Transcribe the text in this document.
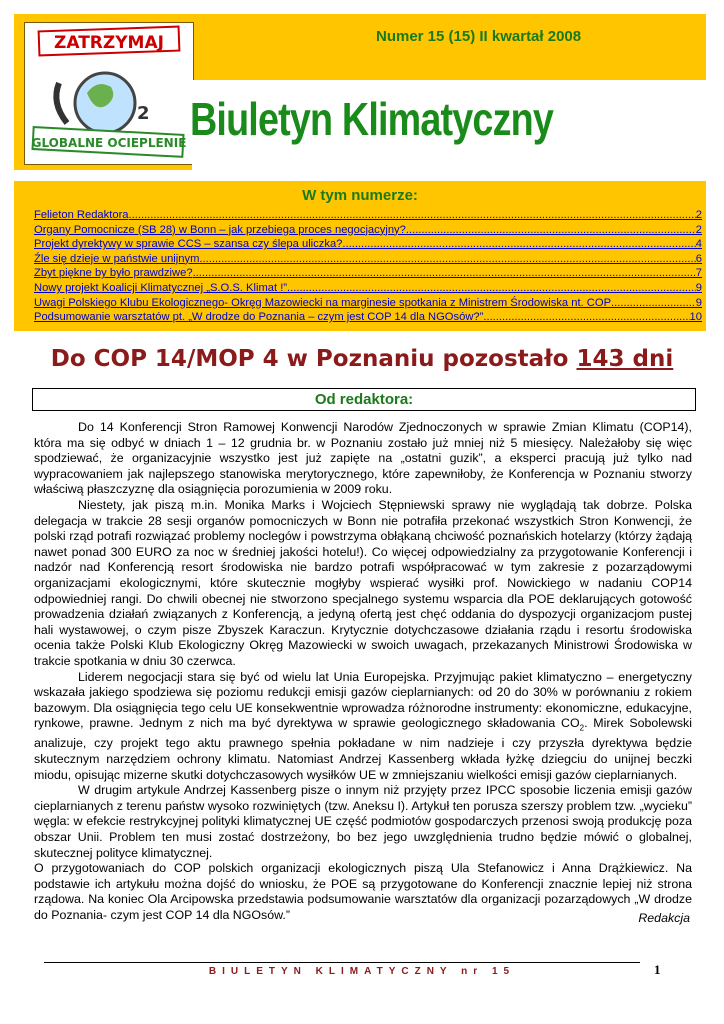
ZATRZYMAJ
2
GLOBALNE OCIEPLENIE
Numer 15 (15) II kwartał 2008
Biuletyn Klimatyczny
W tym numerze:
Felieton Redaktora .....	2
Organy Pomocnicze (SB 28) w Bonn – jak przebiega proces negocjacyjny? .....	2
Projekt dyrektywy w sprawie CCS – szansa czy ślepa uliczka? .....	4
Źle się dzieje w państwie unijnym .....	6
Zbyt piękne by było prawdziwe? .....	7
Nowy projekt Koalicji Klimatycznej „S.O.S. Klimat !” .....	9
Uwagi Polskiego Klubu Ekologicznego- Okręg Mazowiecki na marginesie spotkania z Ministrem Środowiska nt. COP .....	9
Podsumowanie warsztatów pt. „W drodze do Poznania – czym jest COP 14 dla NGOsów?” .....	10
Do COP 14/MOP 4 w Poznaniu pozostało 143 dni
Od redaktora:

Do 14 Konferencji Stron Ramowej Konwencji Narodów Zjednoczonych w sprawie Zmian Klimatu (COP14), która ma się odbyć w dniach 1 – 12 grudnia br. w Poznaniu zostało już mniej niż 5 miesięcy. Należałoby się więc spodziewać, że organizacyjnie wszystko jest już zapięte na „ostatni guzik”, a eksperci pracują już tylko nad wypracowaniem jak najlepszego stanowiska merytorycznego, które zapewniłoby, że Konferencja w Poznaniu stworzy właściwą płaszczyznę dla osiągnięcia porozumienia w 2009 roku.

Niestety, jak piszą m.in. Monika Marks i Wojciech Stępniewski sprawy nie wyglądają tak dobrze. Polska delegacja w trakcie 28 sesji organów pomocniczych w Bonn nie potrafiła przekonać wszystkich Stron Konwencji, że polski rząd potrafi rozwiązać problemy noclegów i powstrzyma obłąkaną chciwość poznańskich hotelarzy (którzy żądają nawet ponad 300 EURO za noc w średniej jakości hotelu!). Co więcej odpowiedzialny za przygotowanie Konferencji i nadzór nad Konferencją resort środowiska nie bardzo potrafi współpracować w tym zakresie z pozarządowymi organizacjami ekologicznymi, które skutecznie mogłyby wspierać wysiłki prof. Nowickiego w nadaniu COP14 odpowiedniej rangi. Do chwili obecnej nie stworzono specjalnego systemu wsparcia dla POE deklarujących gotowość prowadzenia działań związanych z Konferencją, a jedyną ofertą jest chęć oddania do dyspozycji organizacjom pustej hali wystawowej, o czym pisze Zbyszek Karaczun. Krytycznie dotychczasowe działania rządu i resortu środowiska ocenia także Polski Klub Ekologiczny Okręg Mazowiecki w swoich uwagach, przekazanych Ministrowi Środowiska w trakcie spotkania w dniu 30 czerwca.

Liderem negocjacji stara się być od wielu lat Unia Europejska. Przyjmując pakiet klimatyczno – energetyczny wskazała jakiego spodziewa się poziomu redukcji emisji gazów cieplarnianych: od 20 do 30% w porównaniu z rokiem bazowym. Dla osiągnięcia tego celu UE konsekwentnie wprowadza różnorodne instrumenty: ekonomiczne, edukacyjne, rynkowe, prawne. Jednym z nich ma być dyrektywa w sprawie geologicznego składowania $CO_2$. Mirek Sobolewski analizuje, czy projekt tego aktu prawnego spełnia pokładane w nim nadzieje i czy przyszła dyrektywa będzie skutecznym narzędziem ochrony klimatu. Natomiast Andrzej Kassenberg wkłada łyżkę dziegciu do unijnej beczki miodu, opisując mizerne skutki dotychczasowych wysiłków UE w zmniejszaniu wielkości emisji gazów cieplarnianych.

W drugim artykule Andrzej Kassenberg pisze o innym niż przyjęty przez IPCC sposobie liczenia emisji gazów cieplarnianych z terenu państw wysoko rozwiniętych (tzw. Aneksu I). Artykuł ten porusza szerszy problem tzw. „wycieku” węgla: w efekcie restrykcyjnej polityki klimatycznej UE część podmiotów gospodarczych przenosi swoją produkcję poza obszar Unii. Problem ten musi zostać dostrzeżony, bo bez jego uwzględnienia trudno będzie mówić o globalnej, skutecznej polityce klimatycznej.

O przygotowaniach do COP polskich organizacji ekologicznych piszą Ula Stefanowicz i Anna Drążkiewicz. Na podstawie ich artykułu można dojść do wniosku, że POE są przygotowane do Konferencji znacznie lepiej niż strona rządowa. Na koniec Ola Arcipowska przedstawia podsumowanie warsztatów dla organizacji pozarządowych „W drodze do Poznania- czym jest COP 14 dla NGOsów.”	Redakcja
BIULETYN KLIMATYCZNY nr 15	1
